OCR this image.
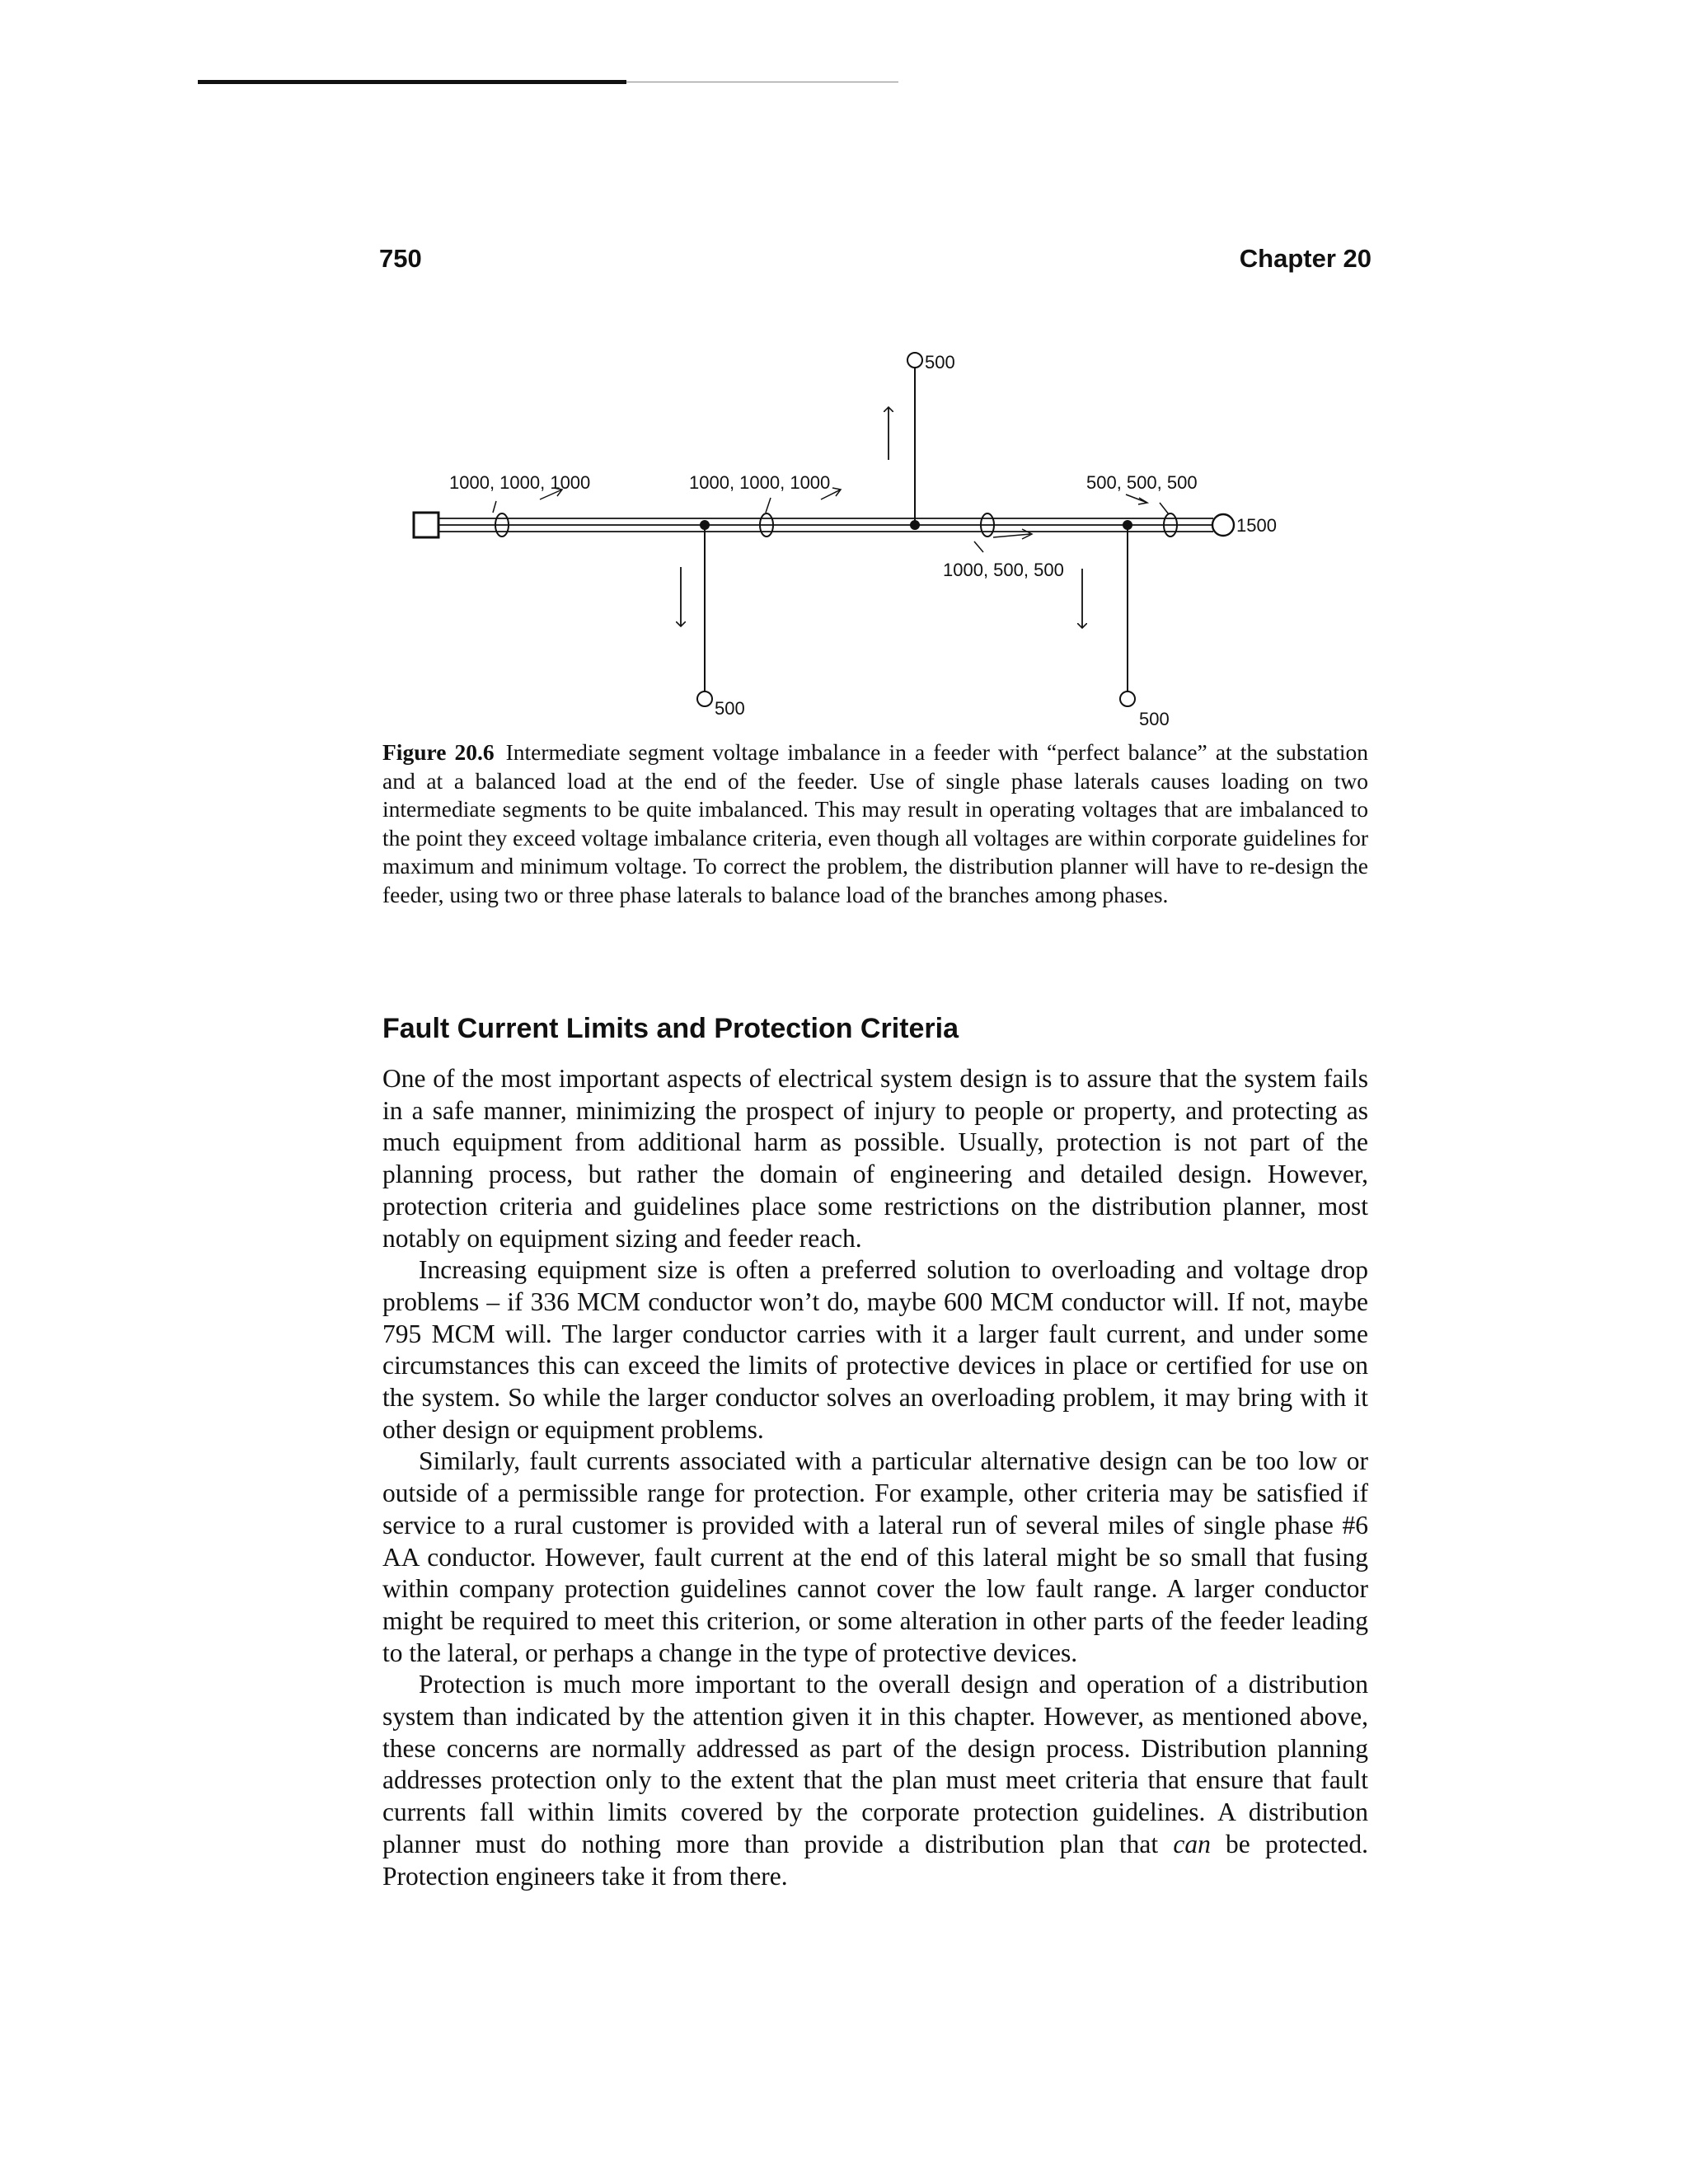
750	Chapter 20
500
500
500
1500
1000, 1000, 1000	1000, 1000, 1000	500, 500, 500
1000, 500, 500
Figure 20.6 Intermediate segment voltage imbalance in a feeder with “perfect balance” at the substation and at a balanced load at the end of the feeder. Use of single phase laterals causes loading on two intermediate segments to be quite imbalanced. This may result in operating voltages that are imbalanced to the point they exceed voltage imbalance criteria, even though all voltages are within corporate guidelines for maximum and minimum voltage. To correct the problem, the distribution planner will have to re-design the feeder, using two or three phase laterals to balance load of the branches among phases.
Fault Current Limits and Protection Criteria

One of the most important aspects of electrical system design is to assure that the system fails in a safe manner, minimizing the prospect of injury to people or property, and protecting as much equipment from additional harm as possible. Usually, protection is not part of the planning process, but rather the domain of engineering and detailed design. However, protection criteria and guidelines place some restrictions on the distribution planner, most notably on equipment sizing and feeder reach.

Increasing equipment size is often a preferred solution to overloading and voltage drop problems – if 336 MCM conductor won’t do, maybe 600 MCM conductor will. If not, maybe 795 MCM will. The larger conductor carries with it a larger fault current, and under some circumstances this can exceed the limits of protective devices in place or certified for use on the system. So while the larger conductor solves an overloading problem, it may bring with it other design or equipment problems.

Similarly, fault currents associated with a particular alternative design can be too low or outside of a permissible range for protection. For example, other criteria may be satisfied if service to a rural customer is provided with a lateral run of several miles of single phase #6 AA conductor. However, fault current at the end of this lateral might be so small that fusing within company protection guidelines cannot cover the low fault range. A larger conductor might be required to meet this criterion, or some alteration in other parts of the feeder leading to the lateral, or perhaps a change in the type of protective devices.

Protection is much more important to the overall design and operation of a distribution system than indicated by the attention given it in this chapter. However, as mentioned above, these concerns are normally addressed as part of the design process. Distribution planning addresses protection only to the extent that the plan must meet criteria that ensure that fault currents fall within limits covered by the corporate protection guidelines. A distribution planner must do nothing more than provide a distribution plan that can be protected. Protection engineers take it from there.
